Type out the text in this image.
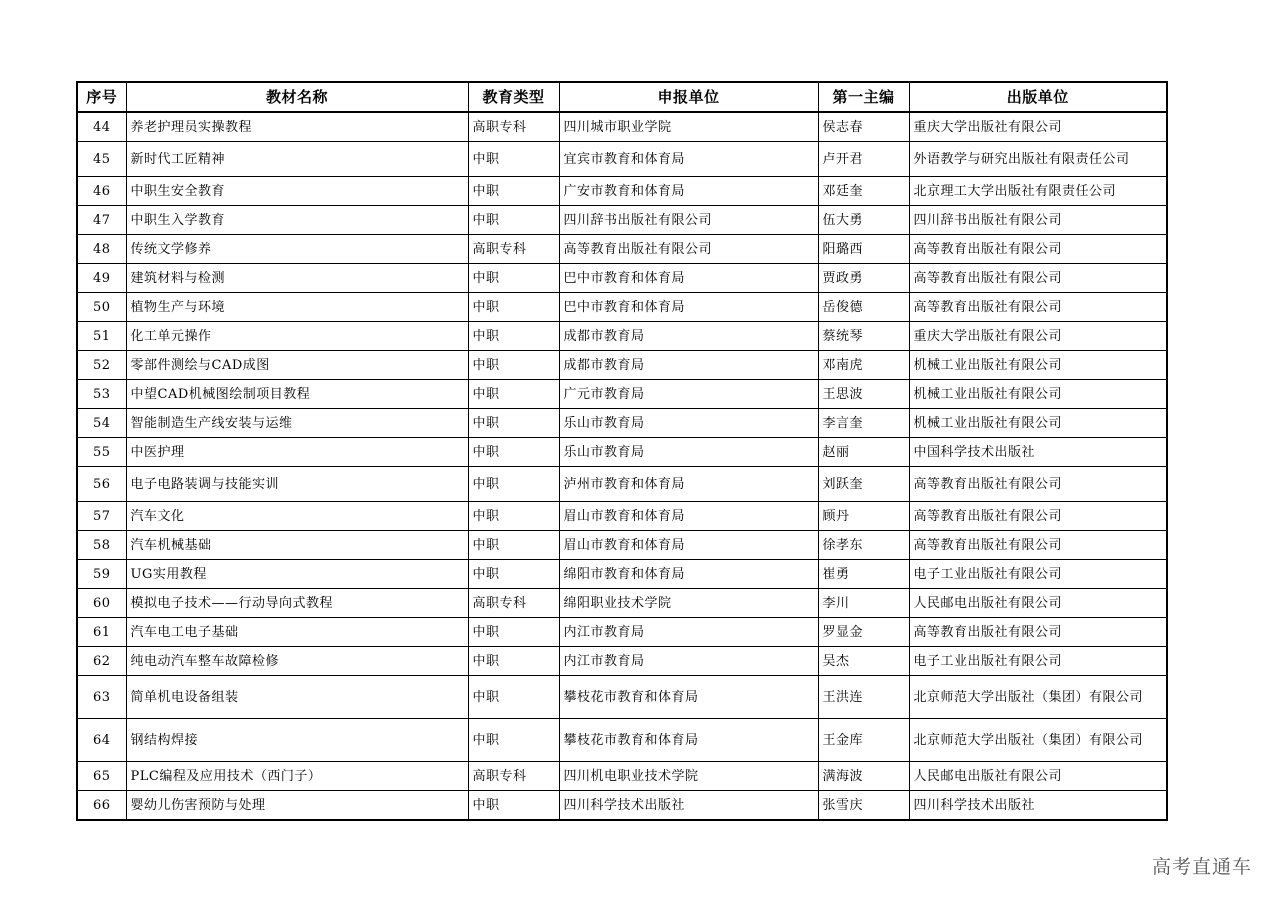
序号	教材名称	教育类型	申报单位	第一主编	出版单位
44	养老护理员实操教程	高职专科	四川城市职业学院	侯志春	重庆大学出版社有限公司
45	新时代工匠精神	中职	宜宾市教育和体育局	卢开君	外语教学与研究出版社有限责任公司
46	中职生安全教育	中职	广安市教育和体育局	邓廷奎	北京理工大学出版社有限责任公司
47	中职生入学教育	中职	四川辞书出版社有限公司	伍大勇	四川辞书出版社有限公司
48	传统文学修养	高职专科	高等教育出版社有限公司	阳璐西	高等教育出版社有限公司
49	建筑材料与检测	中职	巴中市教育和体育局	贾政勇	高等教育出版社有限公司
50	植物生产与环境	中职	巴中市教育和体育局	岳俊德	高等教育出版社有限公司
51	化工单元操作	中职	成都市教育局	蔡统琴	重庆大学出版社有限公司
52	零部件测绘与CAD成图	中职	成都市教育局	邓南虎	机械工业出版社有限公司
53	中望CAD机械图绘制项目教程	中职	广元市教育局	王思波	机械工业出版社有限公司
54	智能制造生产线安装与运维	中职	乐山市教育局	李言奎	机械工业出版社有限公司
55	中医护理	中职	乐山市教育局	赵丽	中国科学技术出版社
56	电子电路装调与技能实训	中职	泸州市教育和体育局	刘跃奎	高等教育出版社有限公司
57	汽车文化	中职	眉山市教育和体育局	顾丹	高等教育出版社有限公司
58	汽车机械基础	中职	眉山市教育和体育局	徐孝东	高等教育出版社有限公司
59	UG实用教程	中职	绵阳市教育和体育局	崔勇	电子工业出版社有限公司
60	模拟电子技术——行动导向式教程	高职专科	绵阳职业技术学院	李川	人民邮电出版社有限公司
61	汽车电工电子基础	中职	内江市教育局	罗显金	高等教育出版社有限公司
62	纯电动汽车整车故障检修	中职	内江市教育局	吴杰	电子工业出版社有限公司
63	简单机电设备组装	中职	攀枝花市教育和体育局	王洪连	北京师范大学出版社（集团）有限公司
64	钢结构焊接	中职	攀枝花市教育和体育局	王金库	北京师范大学出版社（集团）有限公司
65	PLC编程及应用技术（西门子）	高职专科	四川机电职业技术学院	满海波	人民邮电出版社有限公司
66	婴幼儿伤害预防与处理	中职	四川科学技术出版社	张雪庆	四川科学技术出版社
高考直通车
